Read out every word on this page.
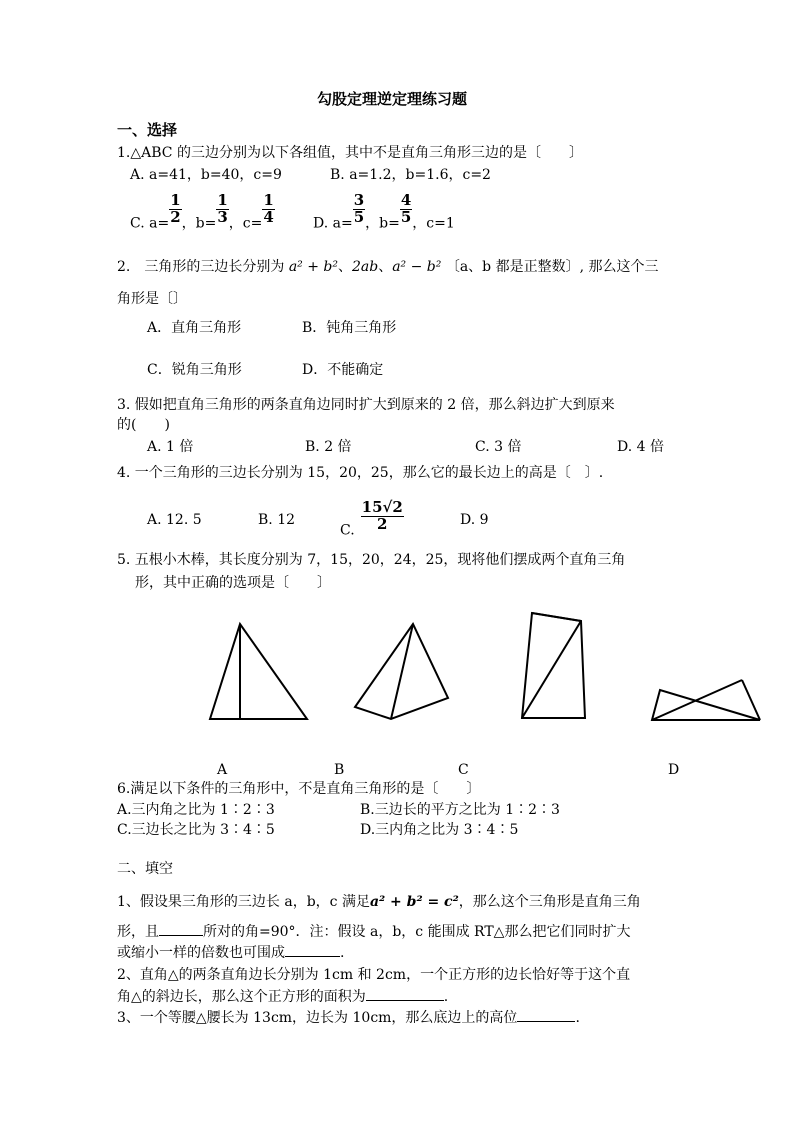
勾股定理逆定理练习题
一、选择
1.△ABC 的三边分别为以下各组值，其中不是直角三角形三边的是〔　　〕
A. a=41，b=40，c=9	B. a=1.2，b=1.6，c=2
C. $a= \frac{1}{2}$ ，$b= \frac{1}{3}$ ，$c= \frac{1}{4}$	D. $a= \frac{3}{5}$ ，$b= \frac{4}{5}$ ，c=1
2.　三角形的三边长分别为 a² + b²、2ab、a² − b² 〔a、b 都是正整数〕, 那么这个三
角形是〔〕
A．直角三角形	B．钝角三角形
C．锐角三角形	D．不能确定
3. 假如把直角三角形的两条直角边同时扩大到原来的 2 倍，那么斜边扩大到原来
的(　　)
A. 1 倍	B. 2 倍	C. 3 倍	D. 4 倍
4. 一个三角形的三边长分别为 15，20，25，那么它的最长边上的高是〔　〕.
A. 12. 5	B. 12
C. $\frac{15√2}{2}$	D. 9
5. 五根小木棒，其长度分别为 7，15，20，24，25，现将他们摆成两个直角三角
形，其中正确的选项是〔　　〕
A	B	C	D
6.满足以下条件的三角形中，不是直角三角形的是〔　　〕
A.三内角之比为 1∶2∶3	B.三边长的平方之比为 1∶2∶3
C.三边长之比为 3∶4∶5	D.三内角之比为 3∶4∶5
二、填空
1、假设果三角形的三边长 a，b，c 满足a² + b² = c²，那么这个三角形是直角三角
形，且	所对的角=90°．注：假设 a，b，c 能围成 RT△那么把它们同时扩大
或缩小一样的倍数也可围成	.
2、直角△的两条直角边长分别为 1cm 和 2cm，一个正方形的边长恰好等于这个直
角△的斜边长，那么这个正方形的面积为	.
3、一个等腰△腰长为 13cm，边长为 10cm，那么底边上的高位	.
